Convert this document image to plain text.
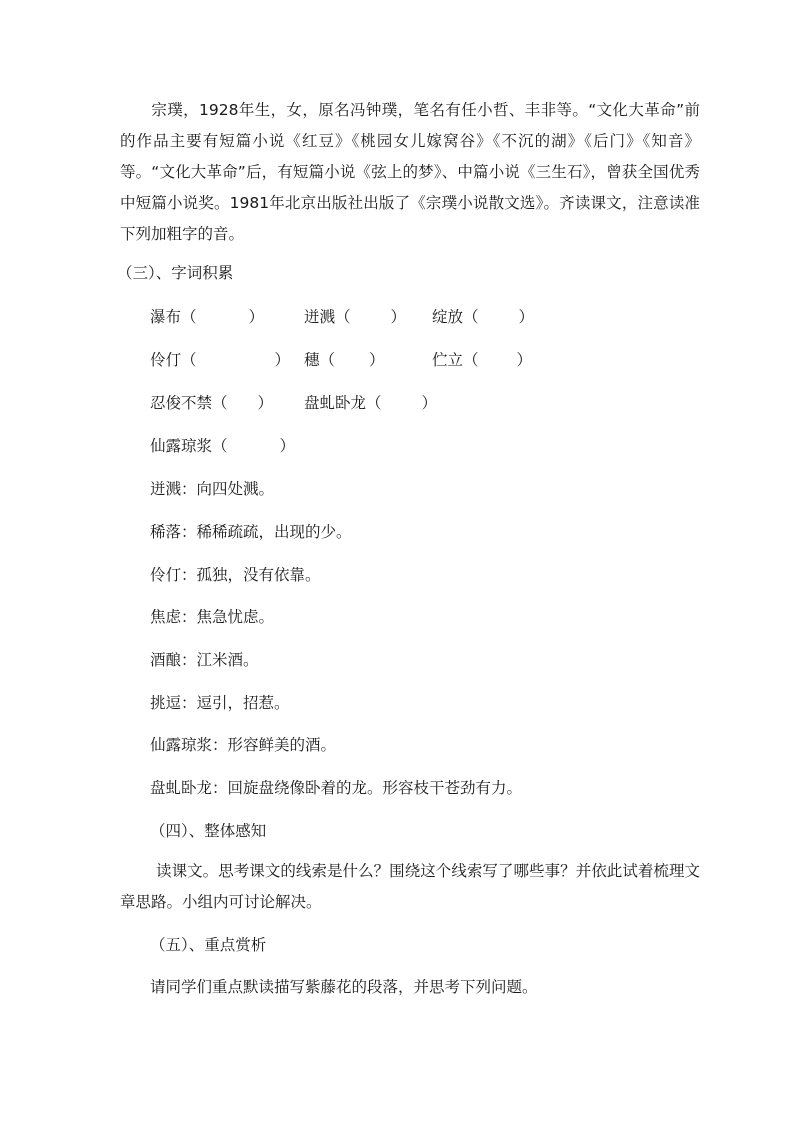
宗璞，1928年生，女，原名冯钟璞，笔名有任小哲、丰非等。“文化大革命”前的作品主要有短篇小说《红豆》《桃园女儿嫁窝谷》《不沉的湖》《后门》《知音》等。“文化大革命”后，有短篇小说《弦上的梦》、中篇小说《三生石》，曾获全国优秀中短篇小说奖。1981年北京出版社出版了《宗璞小说散文选》。齐读课文，注意读准下列加粗字的音。
（三）、字词积累
瀑布（	）	迸溅（	） 绽放（	）
伶仃（	） 穗（ ）	伫立（ ）
忍俊不禁（ ） 盘虬卧龙（	）
仙露琼浆（	）
迸溅：向四处溅。
稀落：稀稀疏疏，出现的少。
伶仃：孤独，没有依靠。
焦虑：焦急忧虑。
酒酿：江米酒。
挑逗：逗引，招惹。
仙露琼浆：形容鲜美的酒。
盘虬卧龙：回旋盘绕像卧着的龙。形容枝干苍劲有力。
（四）、整体感知
读课文。思考课文的线索是什么？围绕这个线索写了哪些事？并依此试着梳理文章思路。小组内可讨论解决。
（五）、重点赏析
请同学们重点默读描写紫藤花的段落，并思考下列问题。
